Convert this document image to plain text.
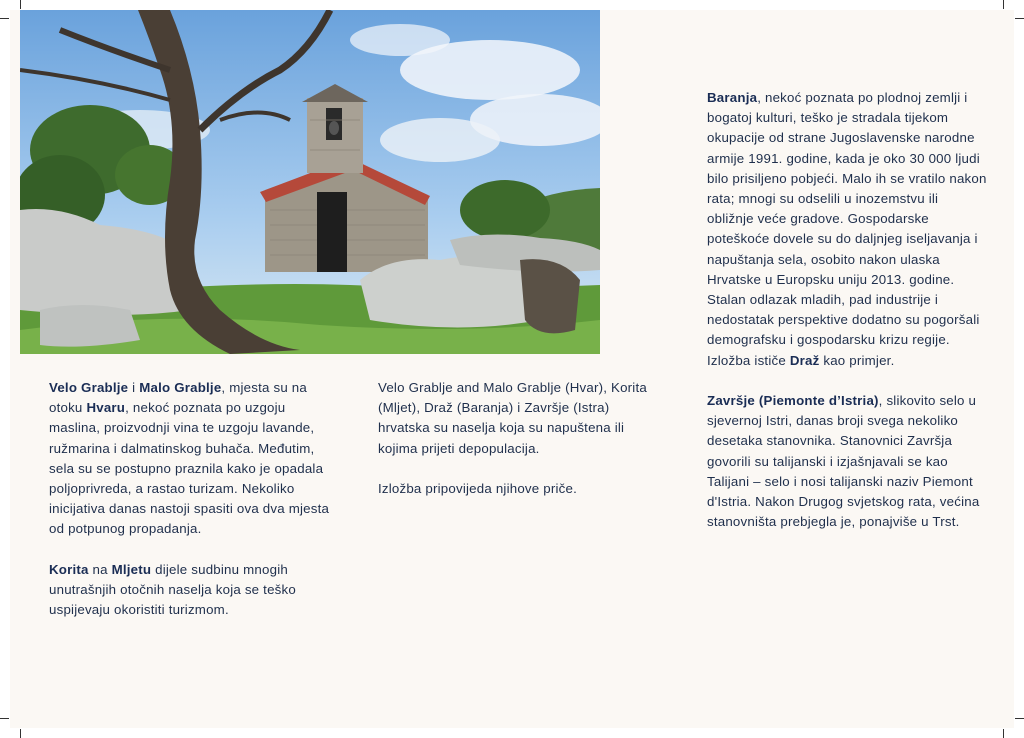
Velo Grablje i Malo Grablje, mjesta su na otoku Hvaru, nekoć poznata po uzgoju maslina, proizvodnji vina te uzgoju lavande, ružmarina i dalmatinskog buhača. Međutim, sela su se postupno praznila kako je opadala poljoprivreda, a rastao turizam. Nekoliko inicijativa danas nastoji spasiti ova dva mjesta od potpunog propadanja.

Korita na Mljetu dijele sudbinu mnogih unutrašnjih otočnih naselja koja se teško uspijevaju okoristiti turizmom.

Velo Grablje and Malo Grablje (Hvar), Korita (Mljet), Draž (Baranja) i Završje (Istra) hrvatska su naselja koja su napuštena ili kojima prijeti depopulacija.

Izložba pripovijeda njihove priče.

Baranja, nekoć poznata po plodnoj zemlji i bogatoj kulturi, teško je stradala tijekom okupacije od strane Jugoslavenske narodne armije 1991. godine, kada je oko 30 000 ljudi bilo prisiljeno pobjeći. Malo ih se vratilo nakon rata; mnogi su odselili u inozemstvu ili obližnje veće gradove. Gospodarske poteškoće dovele su do daljnjeg iseljavanja i napuštanja sela, osobito nakon ulaska Hrvatske u Europsku uniju 2013. godine. Stalan odlazak mladih, pad industrije i nedostatak perspektive dodatno su pogoršali demografsku i gospodarsku krizu regije.

Izložba ističe Draž kao primjer.

Završje (Piemonte d’Istria), slikovito selo u sjevernoj Istri, danas broji svega nekoliko desetaka stanovnika. Stanovnici Završja govorili su talijanski i izjašnjavali se kao Talijani – selo i nosi talijanski naziv Piemont d'Istria. Nakon Drugog svjetskog rata, većina stanovništa prebjegla je, ponajviše u Trst.
